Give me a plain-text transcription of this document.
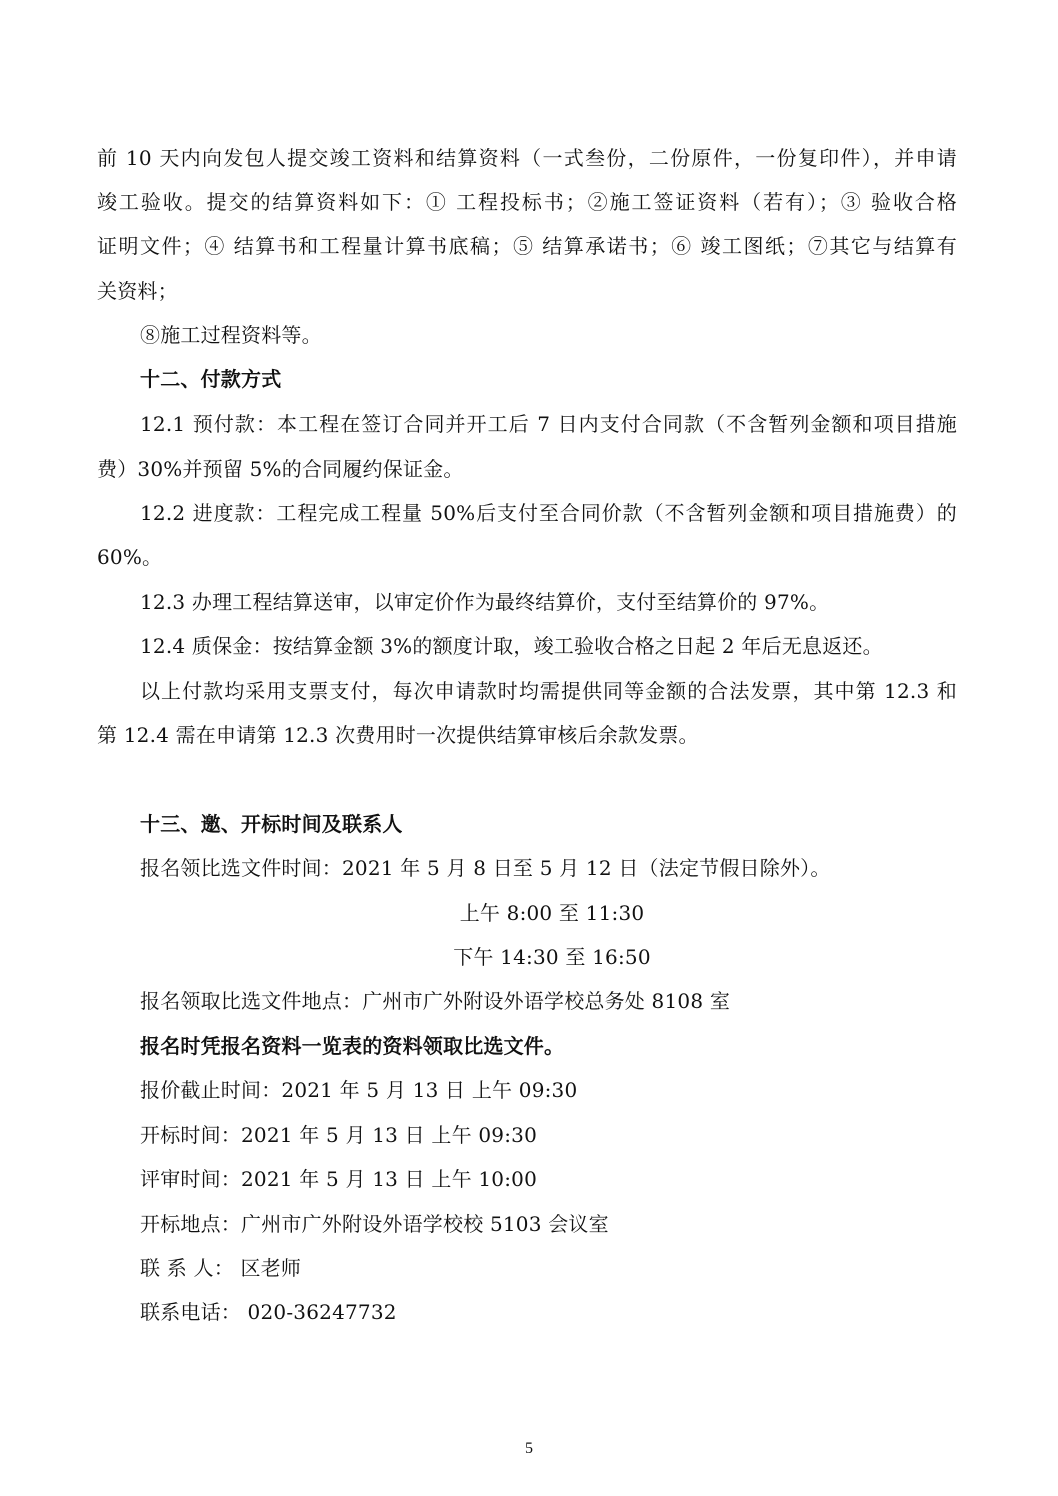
前 10 天内向发包人提交竣工资料和结算资料（一式叁份，二份原件，一份复印件），并申请
竣工验收。提交的结算资料如下：① 工程投标书；②施工签证资料（若有）；③ 验收合格
证明文件；④ 结算书和工程量计算书底稿；⑤ 结算承诺书；⑥ 竣工图纸；⑦其它与结算有
关资料；
⑧施工过程资料等。
十二、付款方式
12.1 预付款：本工程在签订合同并开工后 7 日内支付合同款（不含暂列金额和项目措施
费）30%并预留 5%的合同履约保证金。
12.2 进度款：工程完成工程量 50%后支付至合同价款（不含暂列金额和项目措施费）的
60%。
12.3 办理工程结算送审，以审定价作为最终结算价，支付至结算价的 97%。
12.4 质保金：按结算金额 3%的额度计取，竣工验收合格之日起 2 年后无息返还。
以上付款均采用支票支付，每次申请款时均需提供同等金额的合法发票，其中第 12.3 和
第 12.4 需在申请第 12.3 次费用时一次提供结算审核后余款发票。
十三、邀、开标时间及联系人
报名领比选文件时间：2021 年 5 月 8 日至 5 月 12 日（法定节假日除外）。
上午 8:00 至 11:30
下午 14:30 至 16:50
报名领取比选文件地点：广州市广外附设外语学校总务处 8108 室
报名时凭报名资料一览表的资料领取比选文件。
报价截止时间：2021 年 5 月 13 日 上午 09:30
开标时间：2021 年 5 月 13 日 上午 09:30
评审时间：2021 年 5 月 13 日 上午 10:00
开标地点：广州市广外附设外语学校校 5103 会议室
联 系 人： 区老师
联系电话： 020-36247732
5
